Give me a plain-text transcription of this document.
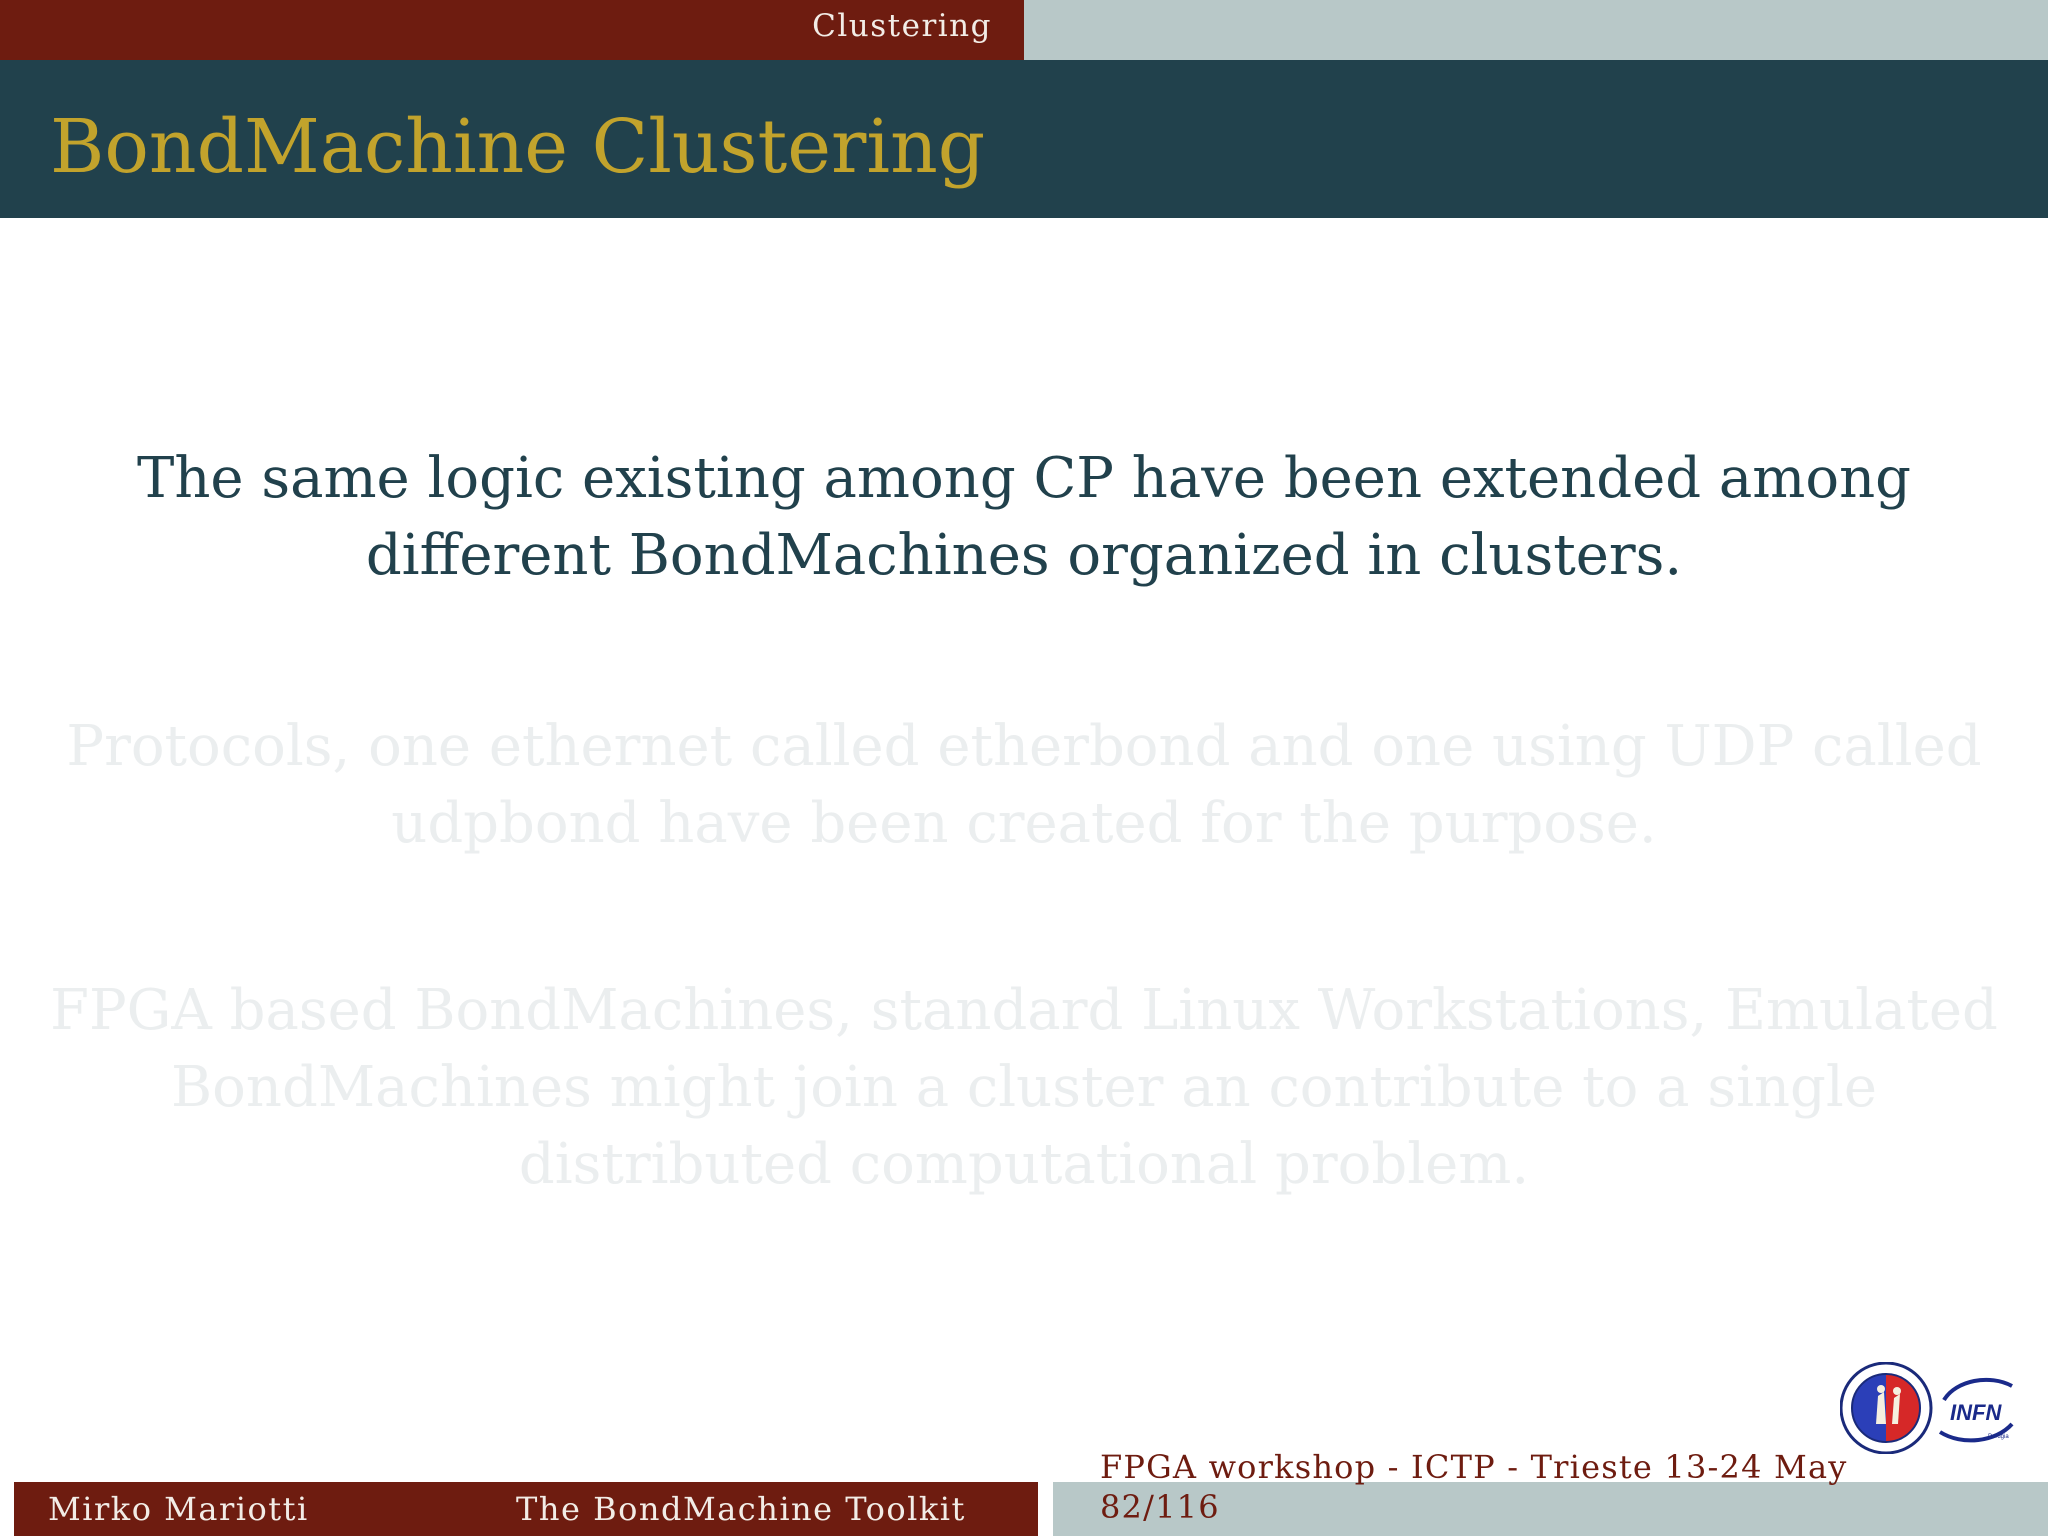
Clustering
BondMachine Clustering

The same logic existing among CP have been extended among different BondMachines organized in clusters.

Protocols, one ethernet called etherbond and one using UDP called udpbond have been created for the purpose.

FPGA based BondMachines, standard Linux Workstations, Emulated BondMachines might join a cluster an contribute to a single distributed computational problem.

INFN
Perugia
Mirko Mariotti	The BondMachine Toolkit
FPGA workshop - ICTP - Trieste 13-24 May
82/116
